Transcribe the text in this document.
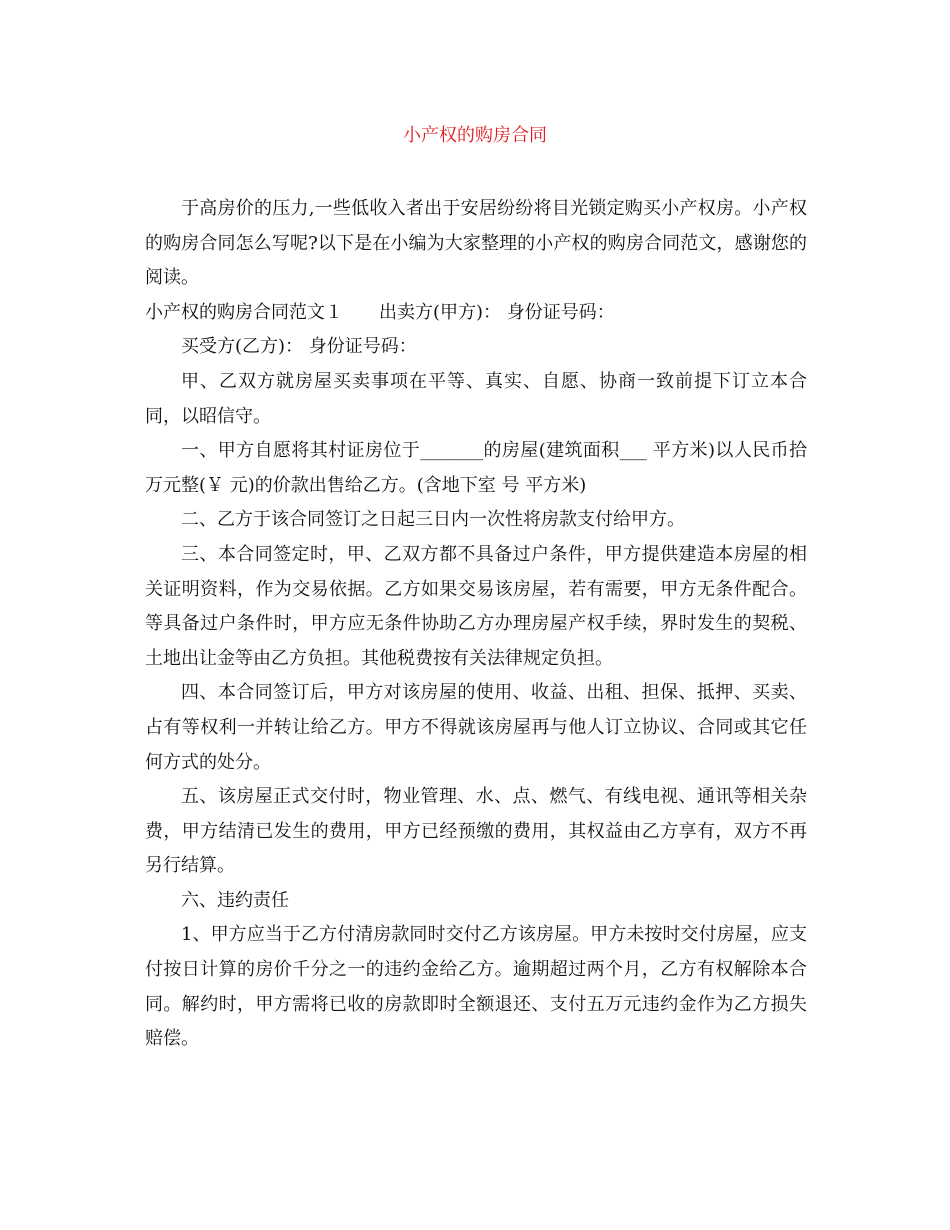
小产权的购房合同

于高房价的压力,一些低收入者出于安居纷纷将目光锁定购买小产权房。小产权的购房合同怎么写呢?以下是在小编为大家整理的小产权的购房合同范文，感谢您的阅读。

小产权的购房合同范文１ 出卖方(甲方)： 身份证号码：

买受方(乙方)： 身份证号码：

甲、乙双方就房屋买卖事项在平等、真实、自愿、协商一致前提下订立本合同，以昭信守。

一、甲方自愿将其村证房位于_______的房屋(建筑面积___ 平方米)以人民币拾 万元整(￥ 元)的价款出售给乙方。(含地下室 号 平方米)

二、乙方于该合同签订之日起三日内一次性将房款支付给甲方。

三、本合同签定时，甲、乙双方都不具备过户条件，甲方提供建造本房屋的相关证明资料，作为交易依据。乙方如果交易该房屋，若有需要，甲方无条件配合。等具备过户条件时，甲方应无条件协助乙方办理房屋产权手续，界时发生的契税、土地出让金等由乙方负担。其他税费按有关法律规定负担。

四、本合同签订后，甲方对该房屋的使用、收益、出租、担保、抵押、买卖、占有等权利一并转让给乙方。甲方不得就该房屋再与他人订立协议、合同或其它任何方式的处分。

五、该房屋正式交付时，物业管理、水、点、燃气、有线电视、通讯等相关杂费，甲方结清已发生的费用，甲方已经预缴的费用，其权益由乙方享有，双方不再另行结算。

六、违约责任

1、甲方应当于乙方付清房款同时交付乙方该房屋。甲方未按时交付房屋，应支付按日计算的房价千分之一的违约金给乙方。逾期超过两个月，乙方有权解除本合同。解约时，甲方需将已收的房款即时全额退还、支付五万元违约金作为乙方损失赔偿。
